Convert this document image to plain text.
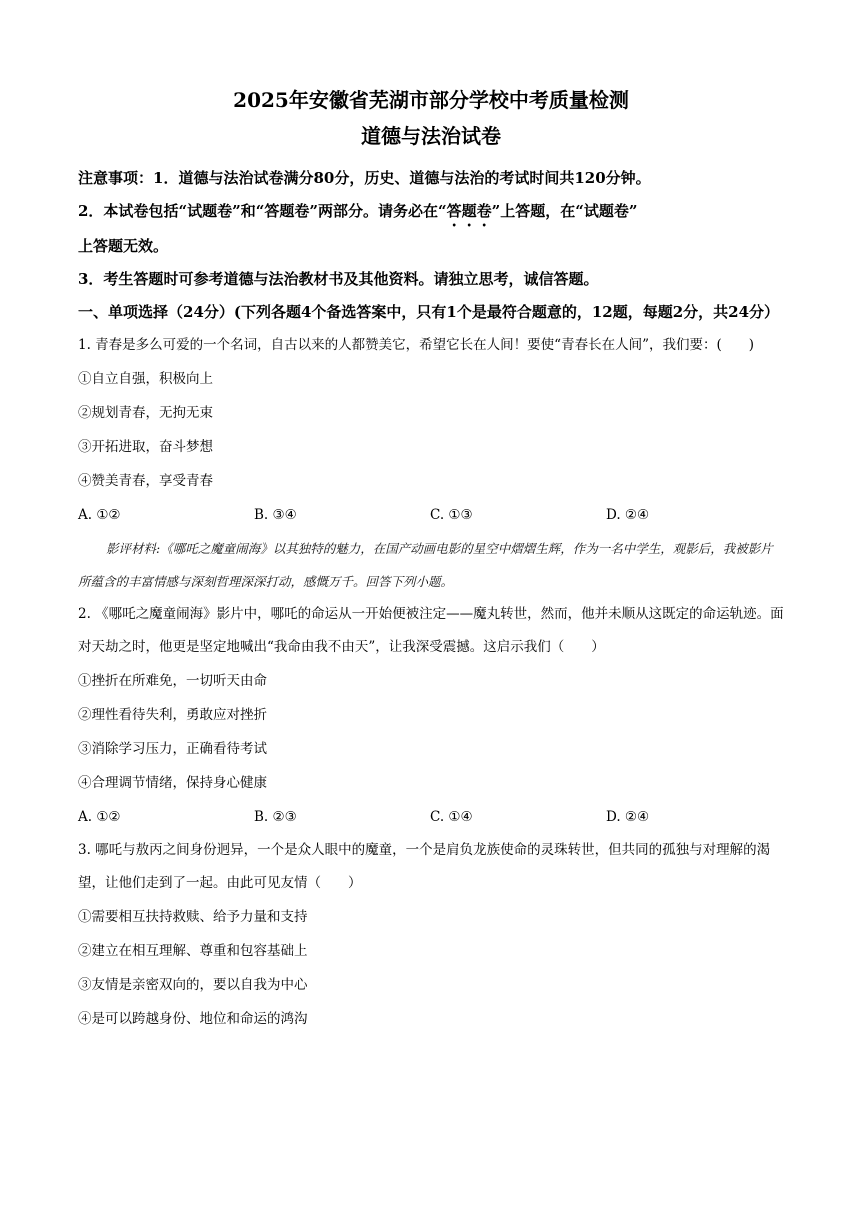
2025年安徽省芜湖市部分学校中考质量检测
道德与法治试卷

注意事项：1．道德与法治试卷满分80分，历史、道德与法治的考试时间共120分钟。

2．本试卷包括“试题卷”和“答题卷”两部分。请务必在“答题卷”上答题，在“试题卷”
上答题无效。

3．考生答题时可参考道德与法治教材书及其他资料。请独立思考，诚信答题。

一、单项选择（24分）(下列各题4个备选答案中，只有1个是最符合题意的，12题，每题2分，共24分）

1. 青春是多么可爱的一个名词，自古以来的人都赞美它，希望它长在人间！要使“青春长在人间”，我们要：(　　)

①自立自强，积极向上

②规划青春，无拘无束

③开拓进取，奋斗梦想

④赞美青春，享受青春

A. ①②	B. ③④	C. ①③	D. ②④

影评材料:《哪吒之魔童闹海》以其独特的魅力，在国产动画电影的星空中熠熠生辉，作为一名中学生，观影后，我被影片所蕴含的丰富情感与深刻哲理深深打动，感慨万千。回答下列小题。

2. 《哪吒之魔童闹海》影片中，哪吒的命运从一开始便被注定——魔丸转世，然而，他并未顺从这既定的命运轨迹。面对天劫之时，他更是坚定地喊出“我命由我不由天”，让我深受震撼。这启示我们（　　）

①挫折在所难免，一切听天由命

②理性看待失利，勇敢应对挫折

③消除学习压力，正确看待考试

④合理调节情绪，保持身心健康

A. ①②	B. ②③	C. ①④	D. ②④

3. 哪吒与敖丙之间身份迥异，一个是众人眼中的魔童，一个是肩负龙族使命的灵珠转世，但共同的孤独与对理解的渴望，让他们走到了一起。由此可见友情（　　）

①需要相互扶持救赎、给予力量和支持

②建立在相互理解、尊重和包容基础上

③友情是亲密双向的，要以自我为中心

④是可以跨越身份、地位和命运的鸿沟
